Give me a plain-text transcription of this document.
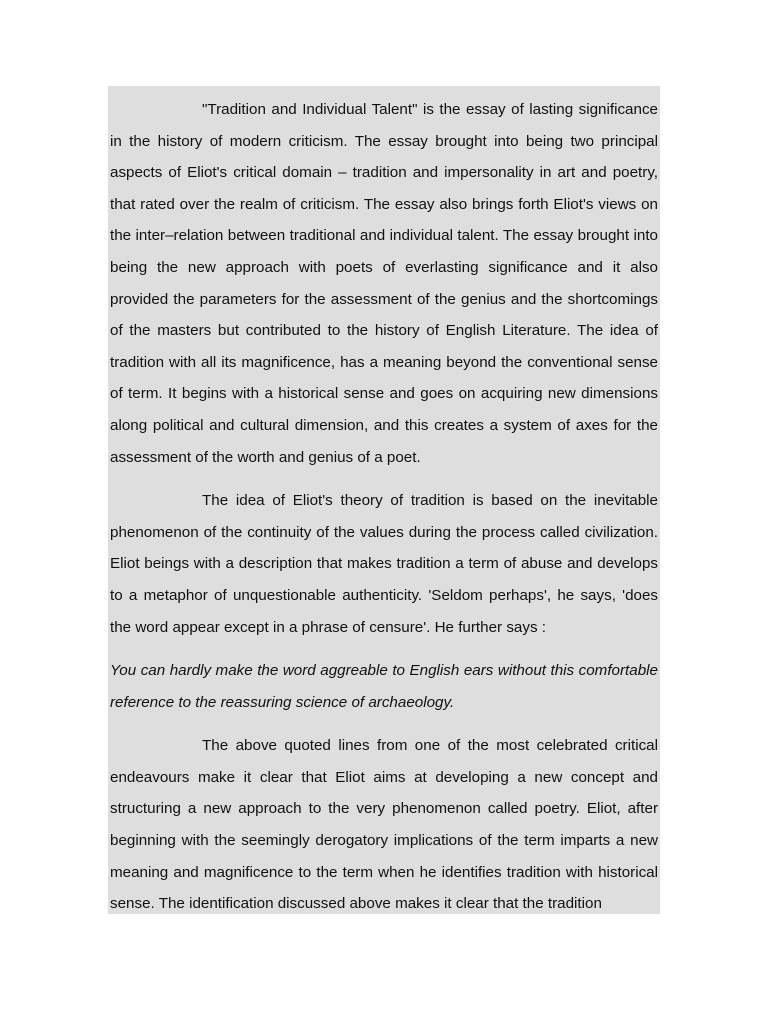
"Tradition and Individual Talent" is the essay of lasting significance in the history of modern criticism. The essay brought into being two principal aspects of Eliot's critical domain – tradition and impersonality in art and poetry, that rated over the realm of criticism. The essay also brings forth Eliot's views on the inter–relation between traditional and individual talent. The essay brought into being the new approach with poets of everlasting significance and it also provided the parameters for the assessment of the genius and the shortcomings of the masters but contributed to the history of English Literature. The idea of tradition with all its magnificence, has a meaning beyond the conventional sense of term. It begins with a historical sense and goes on acquiring new dimensions along political and cultural dimension, and this creates a system of axes for the assessment of the worth and genius of a poet.

The idea of Eliot's theory of tradition is based on the inevitable phenomenon of the continuity of the values during the process called civilization. Eliot beings with a description that makes tradition a term of abuse and develops to a metaphor of unquestionable authenticity. 'Seldom perhaps', he says, 'does the word appear except in a phrase of censure'. He further says :

You can hardly make the word aggreable to English ears without this comfortable reference to the reassuring science of archaeology.

The above quoted lines from one of the most celebrated critical endeavours make it clear that Eliot aims at developing a new concept and structuring a new approach to the very phenomenon called poetry. Eliot, after beginning with the seemingly derogatory implications of the term imparts a new meaning and magnificence to the term when he identifies tradition with historical sense. The identification discussed above makes it clear that the tradition
